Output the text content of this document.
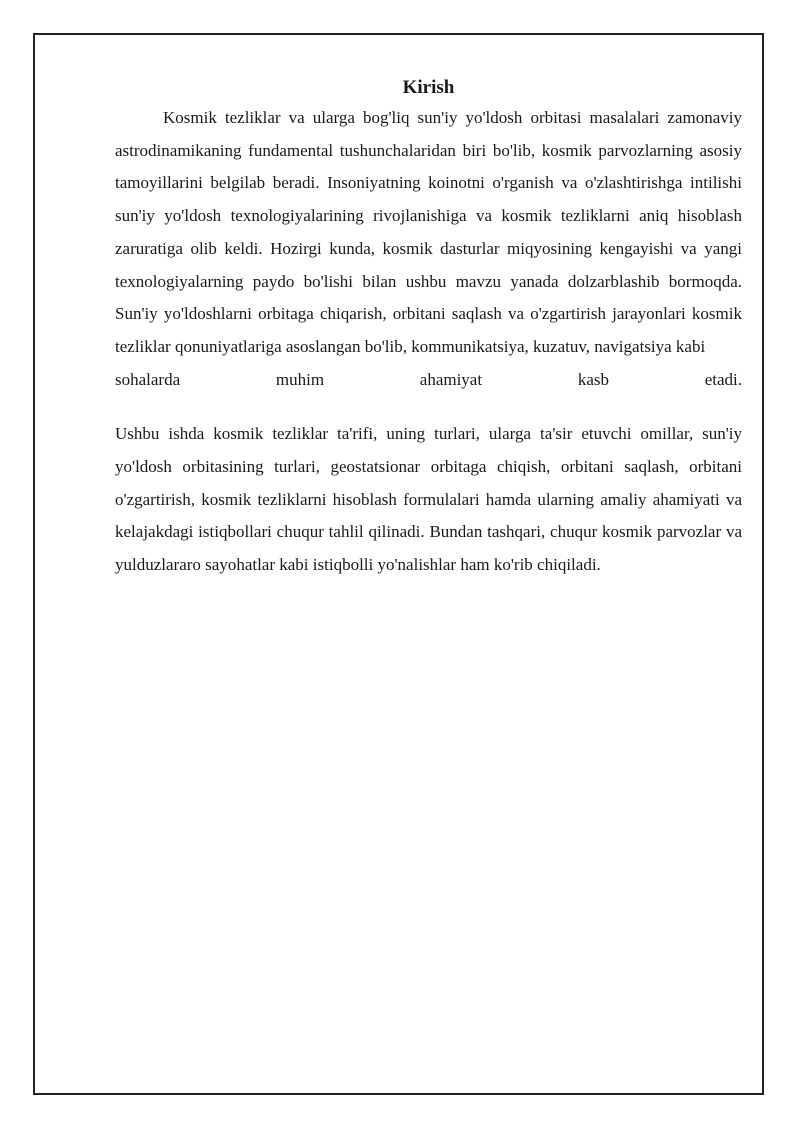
Kirish

Kosmik tezliklar va ularga bog'liq sun'iy yo'ldosh orbitasi masalalari zamonaviy astrodinamikaning fundamental tushunchalaridan biri bo'lib, kosmik parvozlarning asosiy tamoyillarini belgilab beradi. Insoniyatning koinotni o'rganish va o'zlashtirishga intilishi sun'iy yo'ldosh texnologiyalarining rivojlanishiga va kosmik tezliklarni aniq hisoblash zaruratiga olib keldi. Hozirgi kunda, kosmik dasturlar miqyosining kengayishi va yangi texnologiyalarning paydo bo'lishi bilan ushbu mavzu yanada dolzarblashib bormoqda. Sun'iy yo'ldoshlarni orbitaga chiqarish, orbitani saqlash va o'zgartirish jarayonlari kosmik tezliklar qonuniyatlariga asoslangan bo'lib, kommunikatsiya, kuzatuv, navigatsiya kabi

sohalarda muhim ahamiyat kasb etadi.

Ushbu ishda kosmik tezliklar ta'rifi, uning turlari, ularga ta'sir etuvchi omillar, sun'iy yo'ldosh orbitasining turlari, geostatsionar orbitaga chiqish, orbitani saqlash, orbitani o'zgartirish, kosmik tezliklarni hisoblash formulalari hamda ularning amaliy ahamiyati va kelajakdagi istiqbollari chuqur tahlil qilinadi. Bundan tashqari, chuqur kosmik parvozlar va yulduzlararo sayohatlar kabi istiqbolli yo'nalishlar ham ko'rib chiqiladi.
